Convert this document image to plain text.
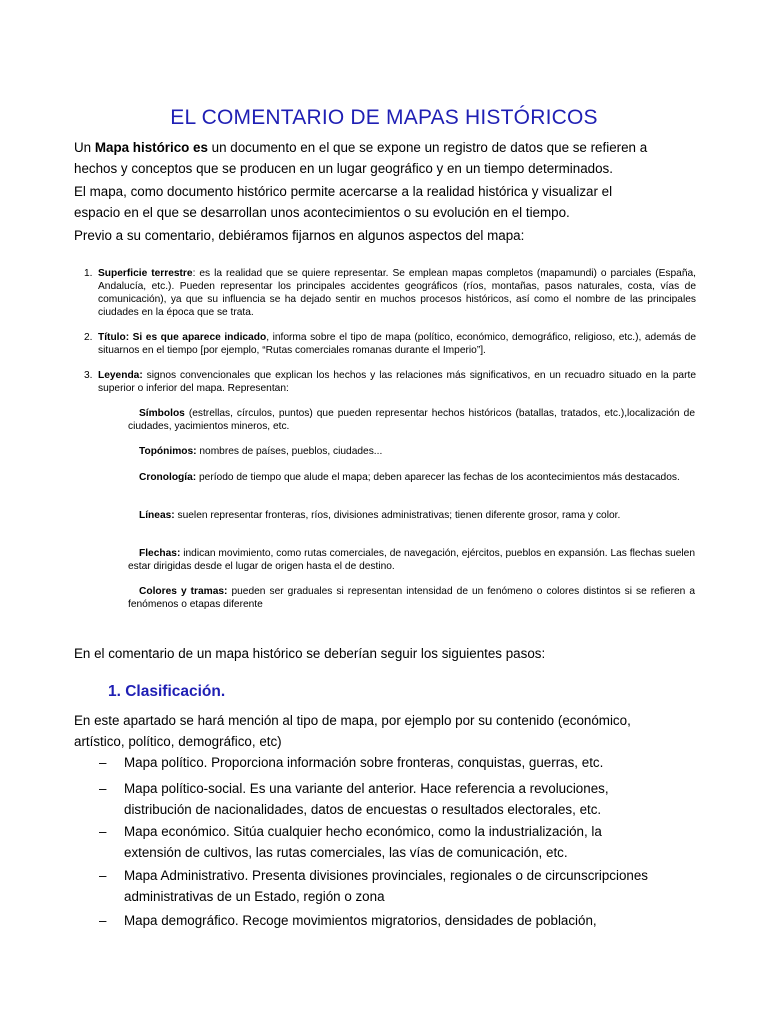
EL COMENTARIO DE MAPAS HISTÓRICOS
Un Mapa histórico es un documento en el que se expone un registro de datos que se refieren a
hechos y conceptos que se producen en un lugar geográfico y en un tiempo determinados.
El mapa, como documento histórico permite acercarse a la realidad histórica y visualizar el
espacio en el que se desarrollan unos acontecimientos o su evolución en el tiempo.
Previo a su comentario, debiéramos fijarnos en algunos aspectos del mapa:
1. Superficie terrestre: es la realidad que se quiere representar. Se emplean mapas completos (mapamundi) o parciales (España, Andalucía, etc.). Pueden representar los principales accidentes geográficos (ríos, montañas, pasos naturales, costa, vías de comunicación), ya que su influencia se ha dejado sentir en muchos procesos históricos, así como el nombre de las principales ciudades en la época que se trata.
2. Título: Si es que aparece indicado, informa sobre el tipo de mapa (político, económico, demográfico, religioso, etc.), además de situarnos en el tiempo [por ejemplo, “Rutas comerciales romanas durante el Imperio”].
3. Leyenda: signos convencionales que explican los hechos y las relaciones más significativos, en un recuadro situado en la parte superior o inferior del mapa. Representan:
Símbolos (estrellas, círculos, puntos) que pueden representar hechos históricos (batallas, tratados, etc.),localización de ciudades, yacimientos mineros, etc.
Topónimos: nombres de países, pueblos, ciudades...
Cronología: período de tiempo que alude el mapa; deben aparecer las fechas de los acontecimientos más destacados.
Líneas: suelen representar fronteras, ríos, divisiones administrativas; tienen diferente grosor, rama y color.
Flechas: indican movimiento, como rutas comerciales, de navegación, ejércitos, pueblos en expansión. Las flechas suelen estar dirigidas desde el lugar de origen hasta el de destino.
Colores y tramas: pueden ser graduales si representan intensidad de un fenómeno o colores distintos si se refieren a fenómenos o etapas diferente
En el comentario de un mapa histórico se deberían seguir los siguientes pasos:
1. Clasificación.
En este apartado se hará mención al tipo de mapa, por ejemplo por su contenido (económico,
artístico, político, demográfico, etc)
– Mapa político. Proporciona información sobre fronteras, conquistas, guerras, etc.
– Mapa político-social. Es una variante del anterior. Hace referencia a revoluciones,
distribución de nacionalidades, datos de encuestas o resultados electorales, etc.
– Mapa económico. Sitúa cualquier hecho económico, como la industrialización, la
extensión de cultivos, las rutas comerciales, las vías de comunicación, etc.
– Mapa Administrativo. Presenta divisiones provinciales, regionales o de circunscripciones
administrativas de un Estado, región o zona
– Mapa demográfico. Recoge movimientos migratorios, densidades de población,
